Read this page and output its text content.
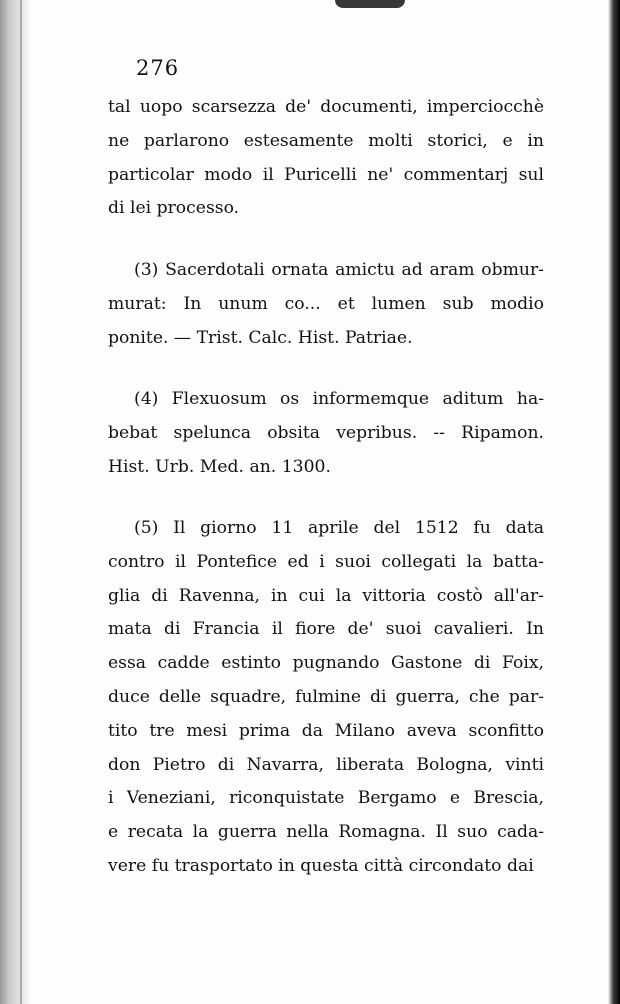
276
tal uopo scarsezza de' documenti, imperciocchè
ne parlarono estesamente molti storici, e in
particolar modo il Puricelli ne' commentarj sul
di lei processo.
(3) Sacerdotali ornata amictu ad aram obmur-
murat: In unum co... et lumen sub modio
ponite. — Trist. Calc. Hist. Patriae.
(4) Flexuosum os informemque aditum ha-
bebat spelunca obsita vepribus. -- Ripamon.
Hist. Urb. Med. an. 1300.
(5) Il giorno 11 aprile del 1512 fu data
contro il Pontefice ed i suoi collegati la batta-
glia di Ravenna, in cui la vittoria costò all'ar-
mata di Francia il fiore de' suoi cavalieri. In
essa cadde estinto pugnando Gastone di Foix,
duce delle squadre, fulmine di guerra, che par-
tito tre mesi prima da Milano aveva sconfitto
don Pietro di Navarra, liberata Bologna, vinti
i Veneziani, riconquistate Bergamo e Brescia,
e recata la guerra nella Romagna. Il suo cada-
vere fu trasportato in questa città circondato dai
